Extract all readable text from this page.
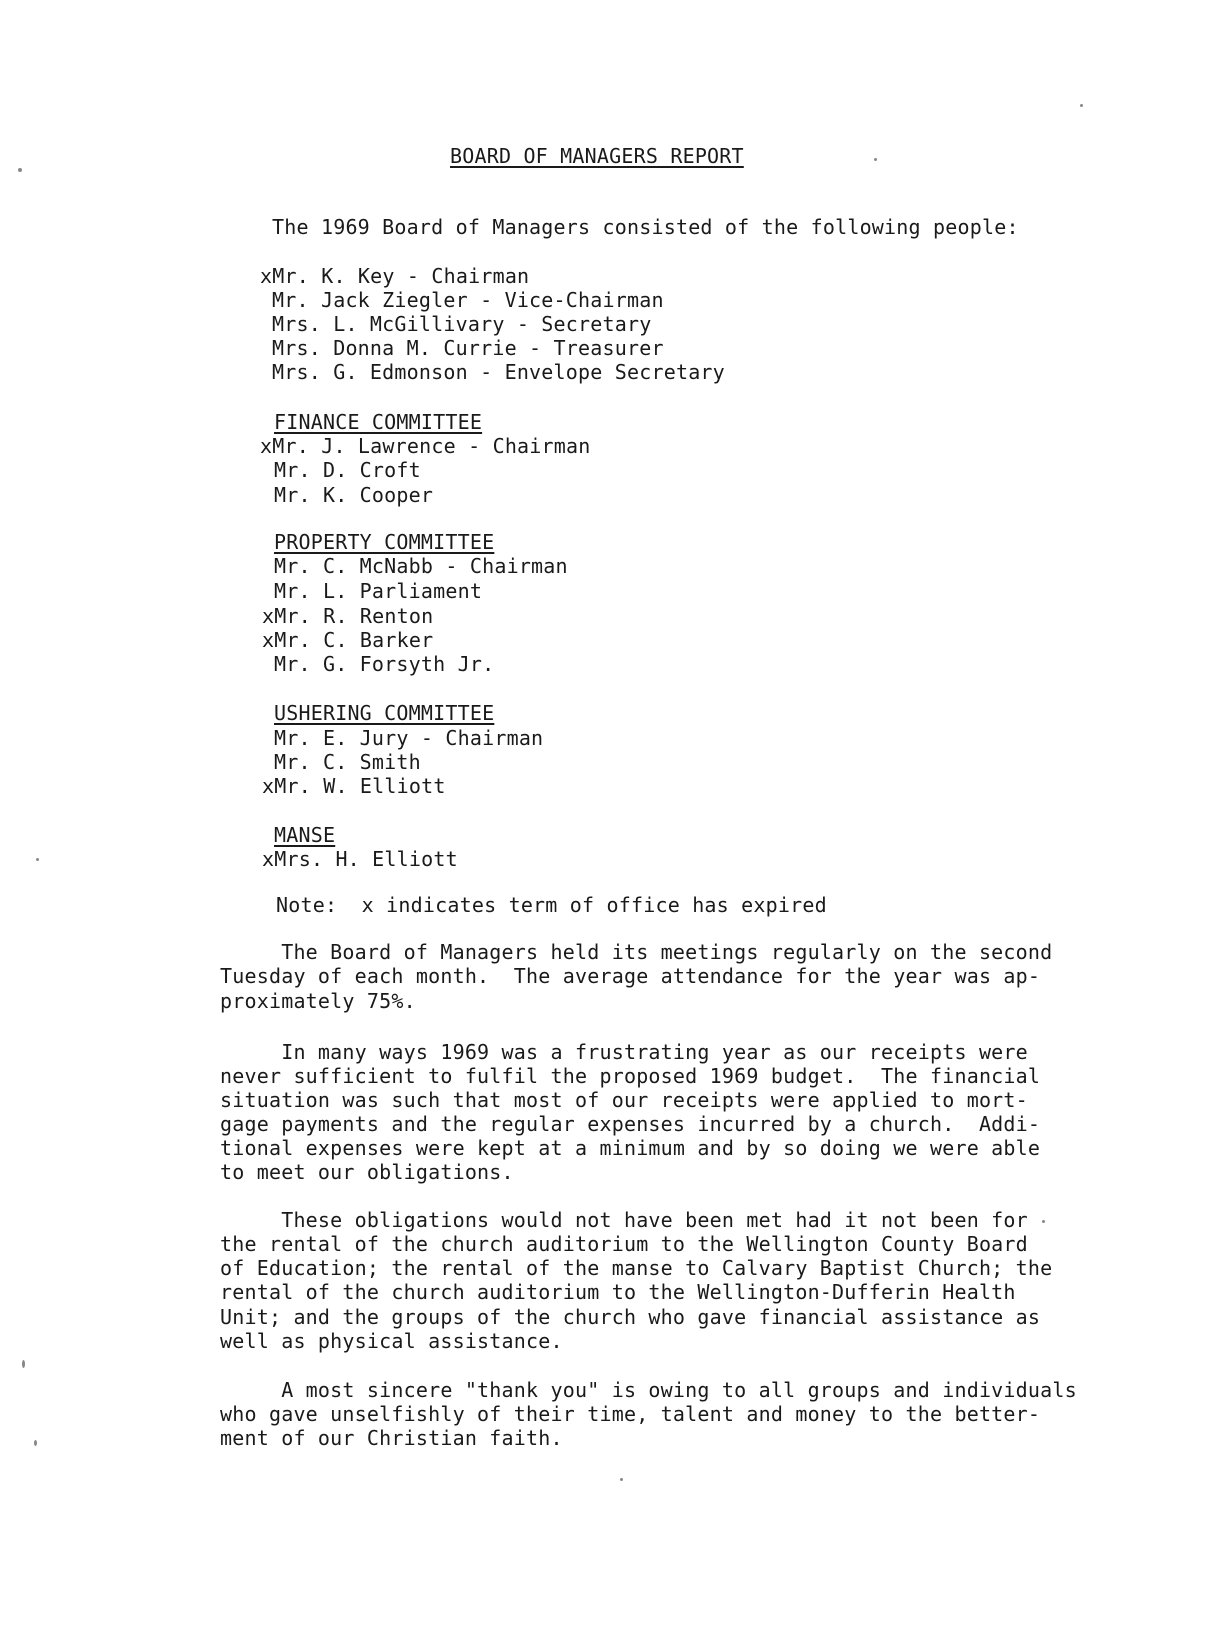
BOARD OF MANAGERS REPORT
The 1969 Board of Managers consisted of the following people:
xMr. K. Key - Chairman
Mr. Jack Ziegler - Vice-Chairman
Mrs. L. McGillivary - Secretary
Mrs. Donna M. Currie - Treasurer
Mrs. G. Edmonson - Envelope Secretary
FINANCE COMMITTEE
xMr. J. Lawrence - Chairman
Mr. D. Croft
Mr. K. Cooper
PROPERTY COMMITTEE
Mr. C. McNabb - Chairman
Mr. L. Parliament
xMr. R. Renton
xMr. C. Barker
Mr. G. Forsyth Jr.
USHERING COMMITTEE
Mr. E. Jury - Chairman
Mr. C. Smith
xMr. W. Elliott
MANSE
xMrs. H. Elliott
Note:  x indicates term of office has expired
The Board of Managers held its meetings regularly on the second
Tuesday of each month.  The average attendance for the year was ap-
proximately 75%.
In many ways 1969 was a frustrating year as our receipts were
never sufficient to fulfil the proposed 1969 budget.  The financial
situation was such that most of our receipts were applied to mort-
gage payments and the regular expenses incurred by a church.  Addi-
tional expenses were kept at a minimum and by so doing we were able
to meet our obligations.
These obligations would not have been met had it not been for
the rental of the church auditorium to the Wellington County Board
of Education; the rental of the manse to Calvary Baptist Church; the
rental of the church auditorium to the Wellington-Dufferin Health
Unit; and the groups of the church who gave financial assistance as
well as physical assistance.
A most sincere "thank you" is owing to all groups and individuals
who gave unselfishly of their time, talent and money to the better-
ment of our Christian faith.
